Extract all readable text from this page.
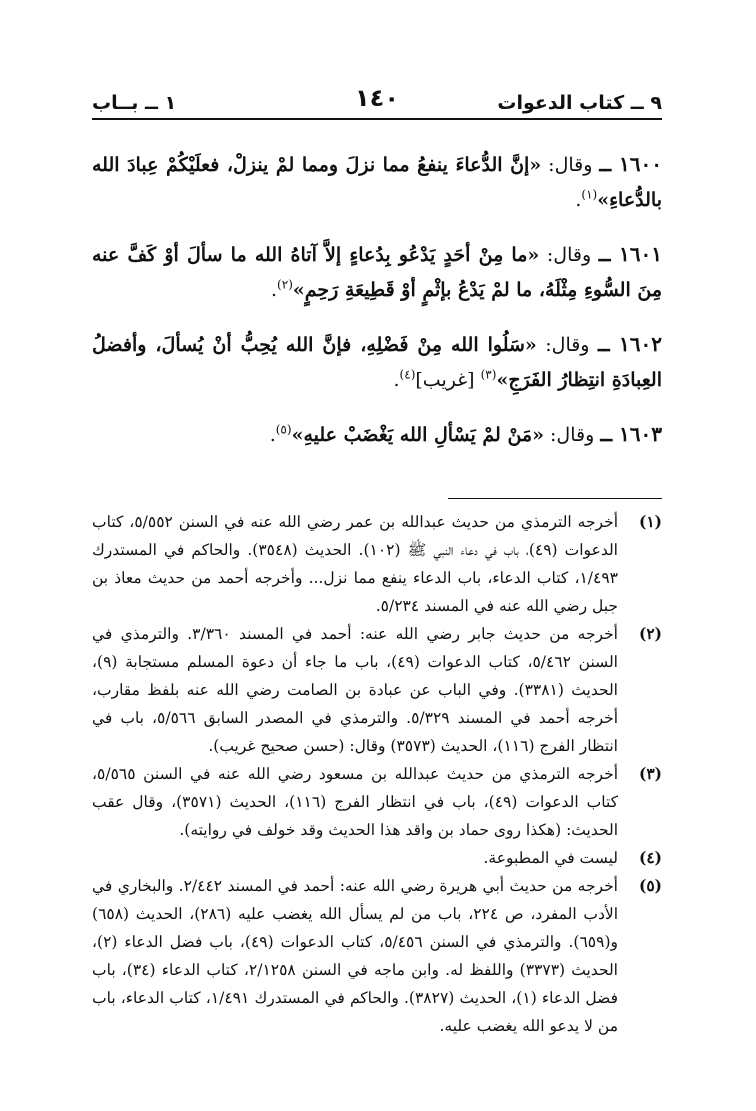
٩ ــ كتاب الدعوات
١٤٠
١ ــ بــاب

١٦٠٠ ــ وقال: «إنَّ الدُّعاءَ ينفعُ مما نزلَ ومما لمْ ينزلْ، فعلَيْكُمْ عِبادَ الله بالدُّعاءِ»$^{(١)}$.

١٦٠١ ــ وقال: «ما مِنْ أحَدٍ يَدْعُو بِدُعاءٍ إلاَّ آتاهُ الله ما سألَ أوْ كَفَّ عنه مِنَ السُّوءِ مِثْلَهُ، ما لمْ يَدْعُ بإثْمٍ أوْ قَطِيعَةِ رَحِمٍ»$^{(٢)}$.

١٦٠٢ ــ وقال: «سَلُوا الله مِنْ فَضْلِهِ، فإنَّ الله يُحِبُّ أنْ يُسألَ، وأفضلُ العِبادَةِ انتِظارُ الفَرَجِ»$^{(٣)}$ [غريب]$^{(٤)}$.

١٦٠٣ ــ وقال: «مَنْ لمْ يَسْألِ الله يَغْضَبْ عليهِ»$^{(٥)}$.

(١)
أخرجه الترمذي من حديث عبدالله بن عمر رضي الله عنه في السنن ٥/٥٥٢، كتاب الدعوات (٤٩)، باب في دعاء النبي ﷺ (١٠٢). الحديث (٣٥٤٨). والحاكم في المستدرك ١/٤٩٣، كتاب الدعاء، باب الدعاء ينفع مما نزل... وأخرجه أحمد من حديث معاذ بن جبل رضي الله عنه في المسند ٥/٢٣٤.
(٢)
أخرجه من حديث جابر رضي الله عنه: أحمد في المسند ٣/٣٦٠. والترمذي في السنن ٥/٤٦٢، كتاب الدعوات (٤٩)، باب ما جاء أن دعوة المسلم مستجابة (٩)، الحديث (٣٣٨١). وفي الباب عن عبادة بن الصامت رضي الله عنه بلفظ مقارب، أخرجه أحمد في المسند ٥/٣٢٩. والترمذي في المصدر السابق ٥/٥٦٦، باب في انتظار الفرج (١١٦)، الحديث (٣٥٧٣) وقال: (حسن صحيح غريب).
(٣)
أخرجه الترمذي من حديث عبدالله بن مسعود رضي الله عنه في السنن ٥/٥٦٥، كتاب الدعوات (٤٩)، باب في انتظار الفرج (١١٦)، الحديث (٣٥٧١)، وقال عقب الحديث: (هكذا روى حماد بن واقد هذا الحديث وقد خولف في روايته).
(٤)
ليست في المطبوعة.
(٥)
أخرجه من حديث أبي هريرة رضي الله عنه: أحمد في المسند ٢/٤٤٢. والبخاري في الأدب المفرد، ص ٢٢٤، باب من لم يسأل الله يغضب عليه (٢٨٦)، الحديث (٦٥٨) و(٦٥٩). والترمذي في السنن ٥/٤٥٦، كتاب الدعوات (٤٩)، باب فضل الدعاء (٢)، الحديث (٣٣٧٣) واللفظ له. وابن ماجه في السنن ٢/١٢٥٨، كتاب الدعاء (٣٤)، باب فضل الدعاء (١)، الحديث (٣٨٢٧). والحاكم في المستدرك ١/٤٩١، كتاب الدعاء، باب من لا يدعو الله يغضب عليه.
